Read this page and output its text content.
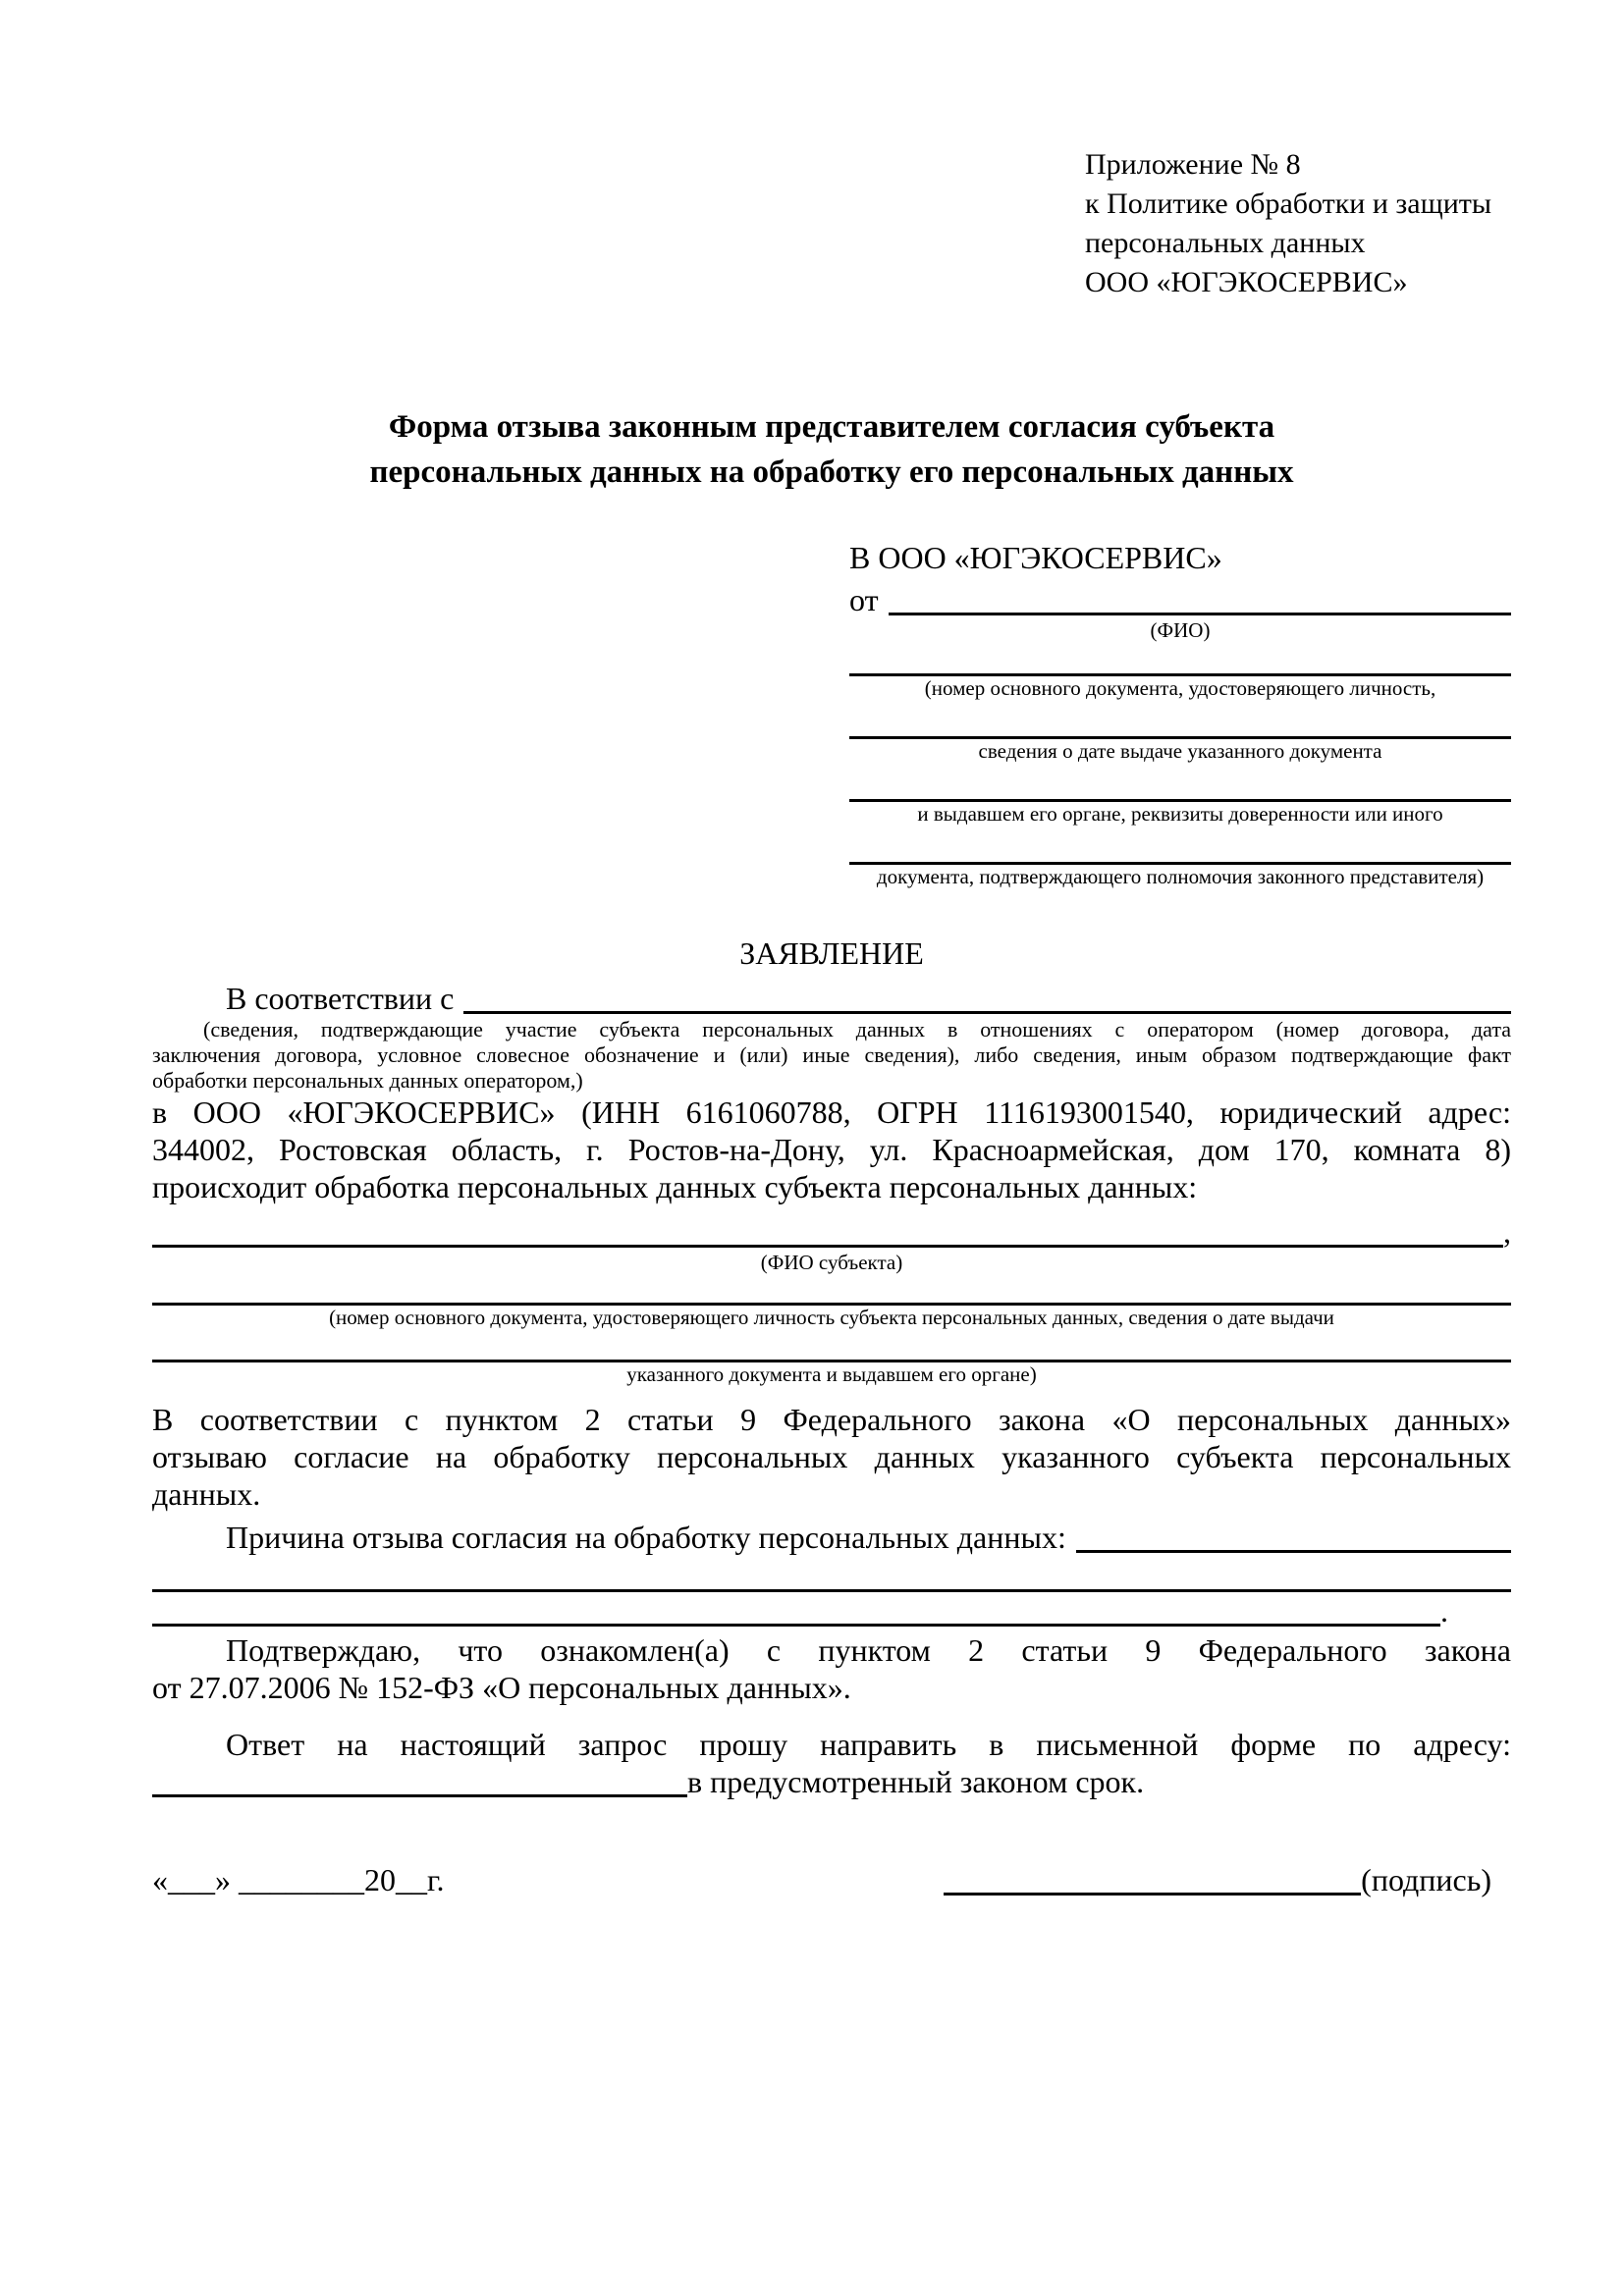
Приложение № 8
к Политике обработки и защиты
персональных данных
ООО «ЮГЭКОСЕРВИС»
Форма отзыва законным представителем согласия субъекта
персональных данных на обработку его персональных данных
В ООО «ЮГЭКОСЕРВИС»
от
(ФИО)
(номер основного документа, удостоверяющего личность,
сведения о дате выдаче указанного документа
и выдавшем его органе, реквизиты доверенности или иного
документа, подтверждающего полномочия законного представителя)
ЗАЯВЛЕНИЕ
В соответствии с
(сведения, подтверждающие участие субъекта персональных данных в отношениях с оператором (номер договора, дата
заключения договора, условное словесное обозначение и (или) иные сведения), либо сведения, иным образом подтверждающие факт
обработки персональных данных оператором,)
в ООО «ЮГЭКОСЕРВИС» (ИНН 6161060788, ОГРН 1116193001540, юридический адрес:
344002, Ростовская область, г. Ростов-на-Дону, ул. Красноармейская, дом 170, комната 8)
происходит обработка персональных данных субъекта персональных данных:
,
(ФИО субъекта)
(номер основного документа, удостоверяющего личность субъекта персональных данных, сведения о дате выдачи
указанного документа и выдавшем его органе)
В соответствии с пунктом 2 статьи 9 Федерального закона «О персональных данных»
отзываю согласие на обработку персональных данных указанного субъекта персональных
данных.
Причина отзыва согласия на обработку персональных данных:
.
Подтверждаю, что ознакомлен(а) с пунктом 2 статьи 9 Федерального закона
от 27.07.2006 № 152-ФЗ «О персональных данных».
Ответ на настоящий запрос прошу направить в письменной форме по адресу:
в предусмотренный законом срок.
«___» ________20__г.	(подпись)
